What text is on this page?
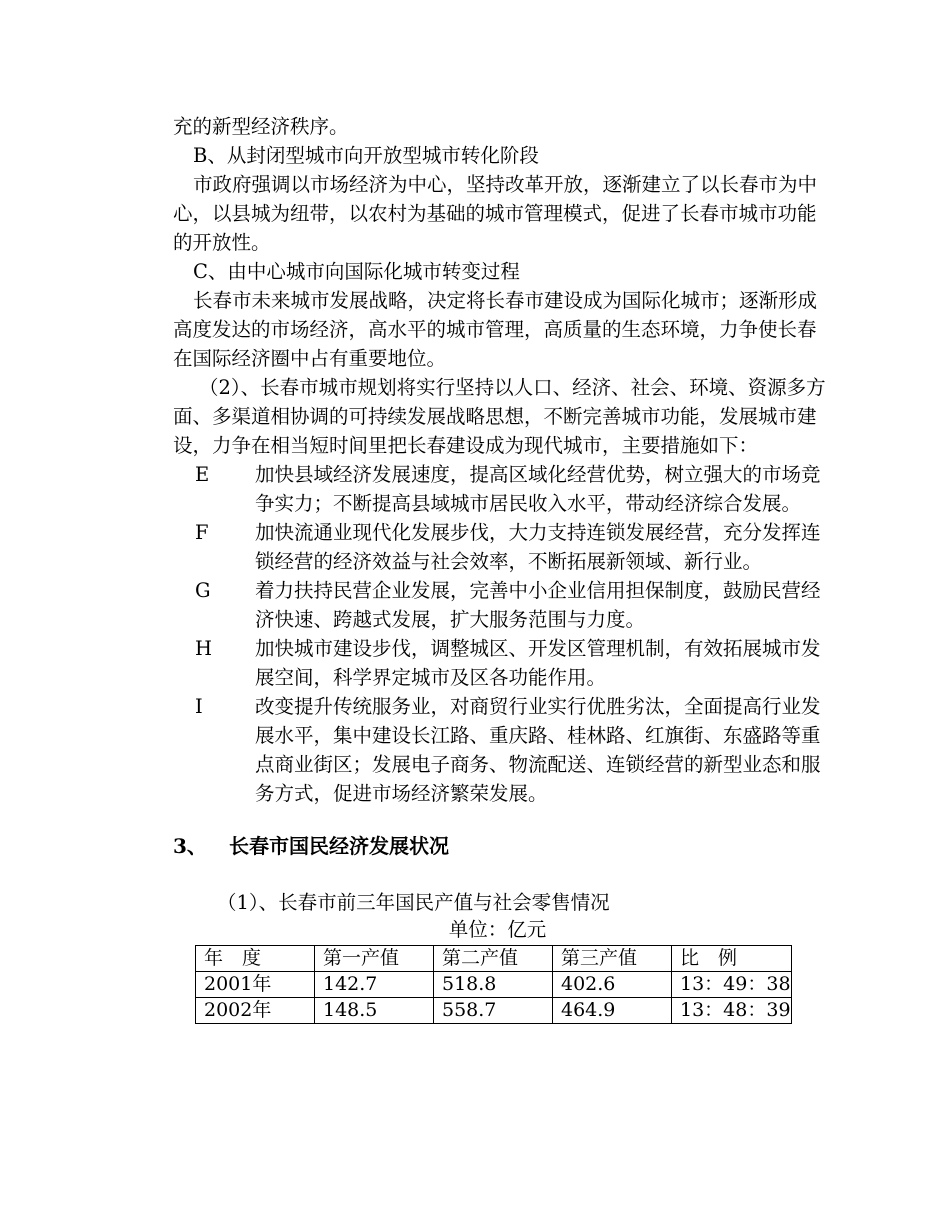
充的新型经济秩序。

B、从封闭型城市向开放型城市转化阶段

市政府强调以市场经济为中心，坚持改革开放，逐渐建立了以长春市为中心，以县城为纽带，以农村为基础的城市管理模式，促进了长春市城市功能的开放性。

C、由中心城市向国际化城市转变过程

长春市未来城市发展战略，决定将长春市建设成为国际化城市；逐渐形成高度发达的市场经济，高水平的城市管理，高质量的生态环境，力争使长春在国际经济圈中占有重要地位。

（2）、长春市城市规划将实行坚持以人口、经济、社会、环境、资源多方面、多渠道相协调的可持续发展战略思想，不断完善城市功能，发展城市建设，力争在相当短时间里把长春建设成为现代城市，主要措施如下：

E	加快县域经济发展速度，提高区域化经营优势，树立强大的市场竞争实力；不断提高县域城市居民收入水平，带动经济综合发展。
F	加快流通业现代化发展步伐，大力支持连锁发展经营，充分发挥连锁经营的经济效益与社会效率，不断拓展新领域、新行业。
G	着力扶持民营企业发展，完善中小企业信用担保制度，鼓励民营经济快速、跨越式发展，扩大服务范围与力度。
H	加快城市建设步伐，调整城区、开发区管理机制，有效拓展城市发展空间，科学界定城市及区各功能作用。
I	改变提升传统服务业，对商贸行业实行优胜劣汰，全面提高行业发展水平，集中建设长江路、重庆路、桂林路、红旗街、东盛路等重点商业街区；发展电子商务、物流配送、连锁经营的新型业态和服务方式，促进市场经济繁荣发展。
3、	长春市国民经济发展状况
（1）、长春市前三年国民产值与社会零售情况
单位：亿元
年　度	第一产值	第二产值	第三产值	比　例
2001年	142.7	518.8	402.6	13：49：38
2002年	148.5	558.7	464.9	13：48：39
